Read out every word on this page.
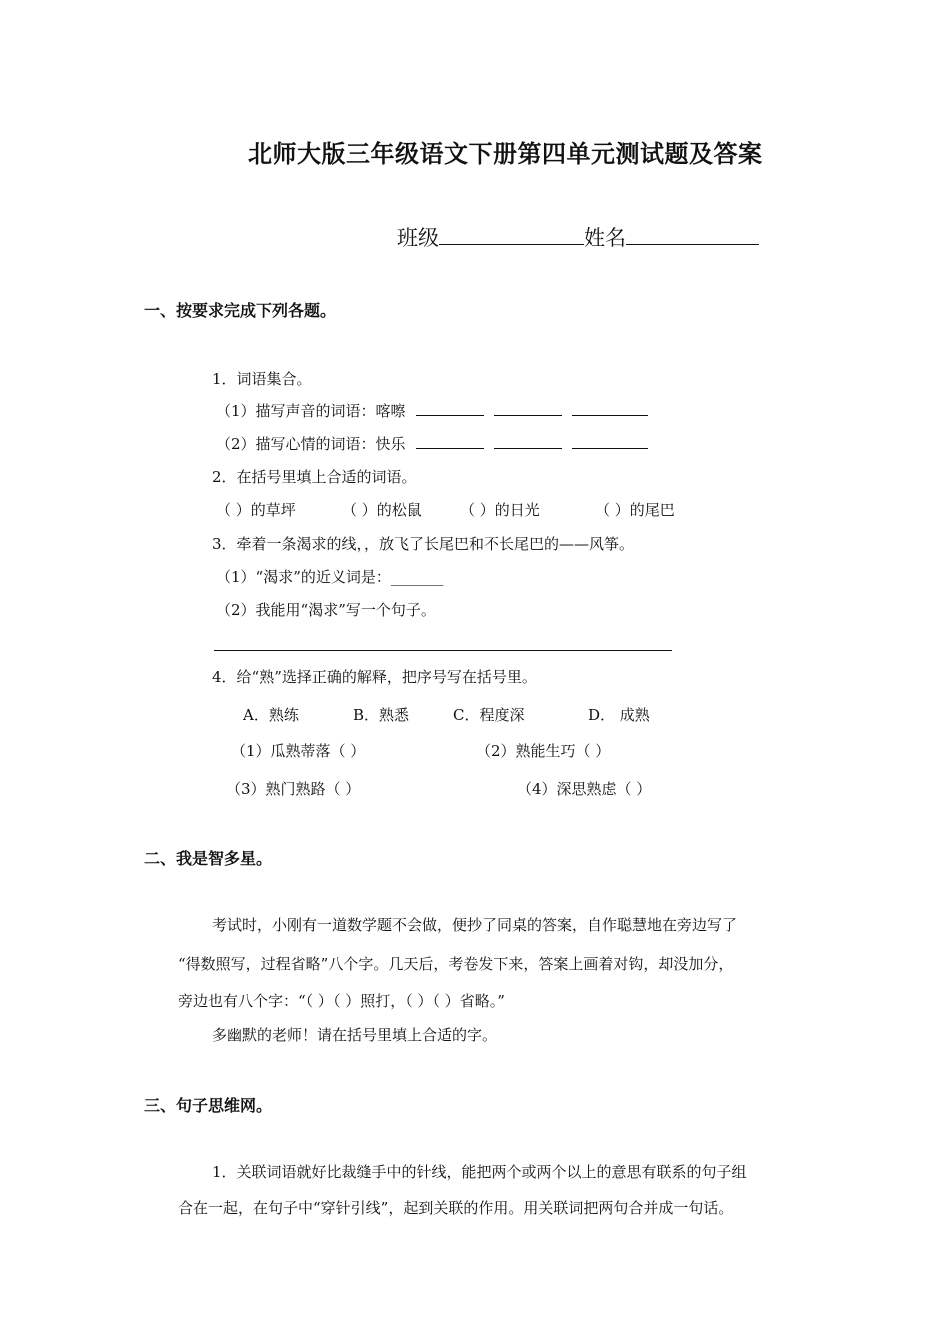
北师大版三年级语文下册第四单元测试题及答案
班级	姓名
一、按要求完成下列各题。
1．词语集合。
（1）描写声音的词语：喀嚓
（2）描写心情的词语：快乐
2．在括号里填上合适的词语。
（ ）的草坪	（ ）的松鼠	（ ）的日光	（ ）的尾巴
3．牵着一条渴求的线，，放飞了长尾巴和不长尾巴的——风筝。
（1）“渴求”的近义词是：_______
（2）我能用“渴求”写一个句子。
4．给“熟”选择正确的解释，把序号写在括号里。
A．熟练	B．熟悉	C．程度深	D． 成熟
（1）瓜熟蒂落（ ）	（2）熟能生巧（ ）
（3）熟门熟路（ ）	（4）深思熟虑（ ）
二、我是智多星。
考试时，小刚有一道数学题不会做，便抄了同桌的答案，自作聪慧地在旁边写了
“得数照写，过程省略”八个字。几天后，考卷发下来，答案上画着对钩，却没加分，
旁边也有八个字：“（ ）（ ）照打，（ ）（ ）省略。”
多幽默的老师！请在括号里填上合适的字。
三、句子思维网。
1．关联词语就好比裁缝手中的针线，能把两个或两个以上的意思有联系的句子组
合在一起，在句子中“穿针引线”，起到关联的作用。用关联词把两句合并成一句话。
